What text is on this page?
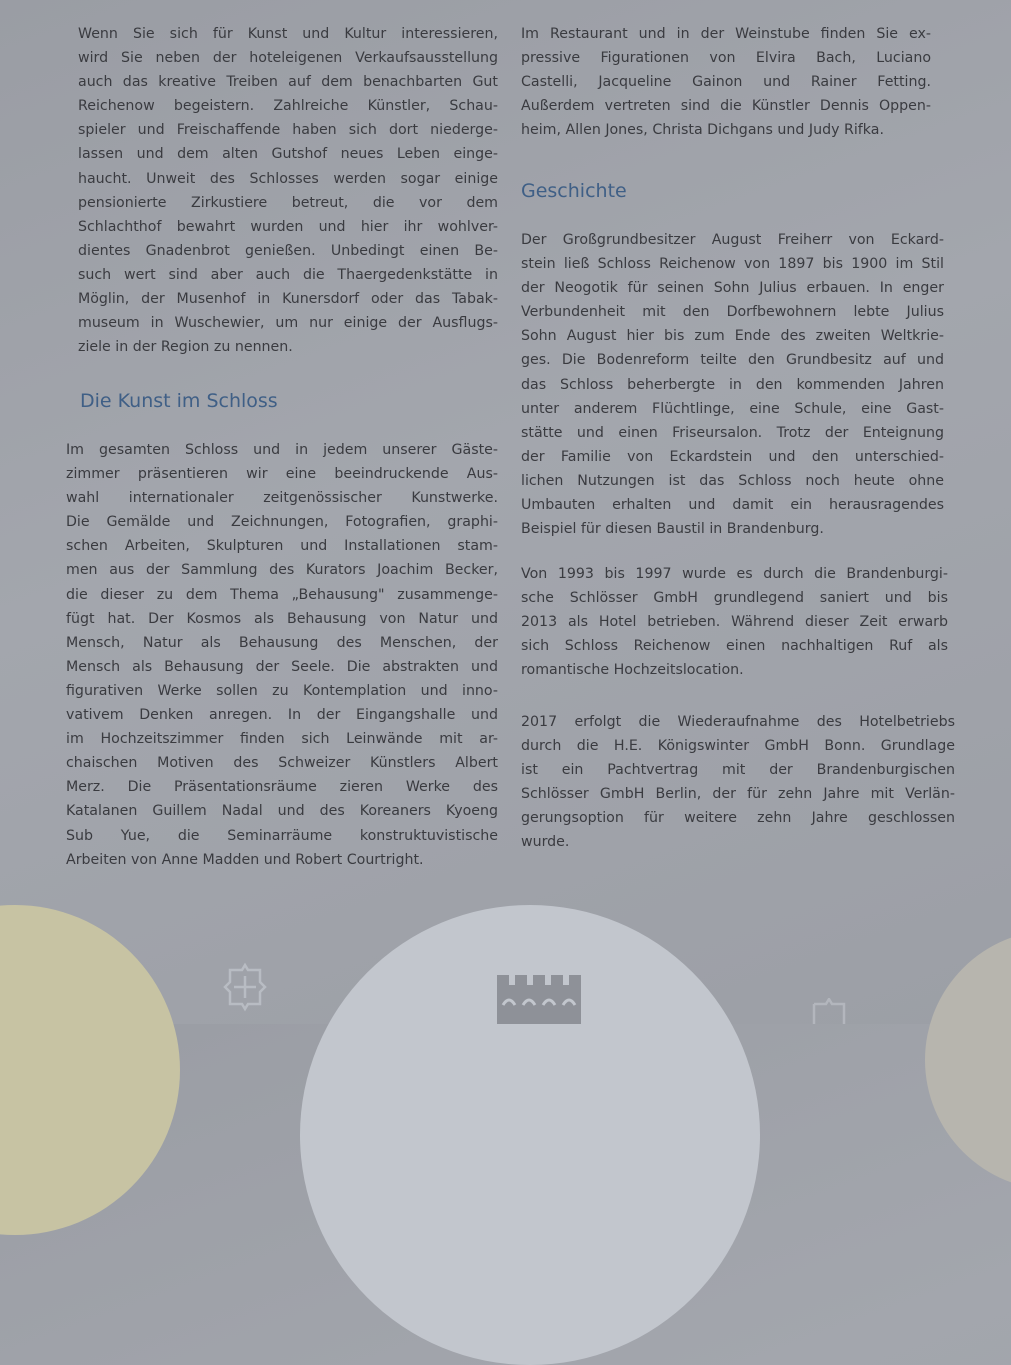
Wenn Sie sich für Kunst und Kultur interessieren,
wird Sie neben der hoteleigenen Verkaufsausstellung
auch das kreative Treiben auf dem benachbarten Gut
Reichenow begeistern. Zahlreiche Künstler, Schau-
spieler und Freischaffende haben sich dort niederge-
lassen und dem alten Gutshof neues Leben einge-
haucht. Unweit des Schlosses werden sogar einige
pensionierte Zirkustiere betreut, die vor dem
Schlachthof bewahrt wurden und hier ihr wohlver-
dientes Gnadenbrot genießen. Unbedingt einen Be-
such wert sind aber auch die Thaergedenkstätte in
Möglin, der Musenhof in Kunersdorf oder das Tabak-
museum in Wuschewier, um nur einige der Ausflugs-
ziele in der Region zu nennen.
Die Kunst im Schloss
Im gesamten Schloss und in jedem unserer Gäste-
zimmer präsentieren wir eine beeindruckende Aus-
wahl internationaler zeitgenössischer Kunstwerke.
Die Gemälde und Zeichnungen, Fotografien, graphi-
schen Arbeiten, Skulpturen und Installationen stam-
men aus der Sammlung des Kurators Joachim Becker,
die dieser zu dem Thema „Behausung" zusammenge-
fügt hat. Der Kosmos als Behausung von Natur und
Mensch, Natur als Behausung des Menschen, der
Mensch als Behausung der Seele. Die abstrakten und
figurativen Werke sollen zu Kontemplation und inno-
vativem Denken anregen. In der Eingangshalle und
im Hochzeitszimmer finden sich Leinwände mit ar-
chaischen Motiven des Schweizer Künstlers Albert
Merz. Die Präsentationsräume zieren Werke des
Katalanen Guillem Nadal und des Koreaners Kyoeng
Sub Yue, die Seminarräume konstruktuvistische
Arbeiten von Anne Madden und Robert Courtright.
Im Restaurant und in der Weinstube finden Sie ex-
pressive Figurationen von Elvira Bach, Luciano
Castelli, Jacqueline Gainon und Rainer Fetting.
Außerdem vertreten sind die Künstler Dennis Oppen-
heim, Allen Jones, Christa Dichgans und Judy Rifka.
Geschichte
Der Großgrundbesitzer August Freiherr von Eckard-
stein ließ Schloss Reichenow von 1897 bis 1900 im Stil
der Neogotik für seinen Sohn Julius erbauen. In enger
Verbundenheit mit den Dorfbewohnern lebte Julius
Sohn August hier bis zum Ende des zweiten Weltkrie-
ges. Die Bodenreform teilte den Grundbesitz auf und
das Schloss beherbergte in den kommenden Jahren
unter anderem Flüchtlinge, eine Schule, eine Gast-
stätte und einen Friseursalon. Trotz der Enteignung
der Familie von Eckardstein und den unterschied-
lichen Nutzungen ist das Schloss noch heute ohne
Umbauten erhalten und damit ein herausragendes
Beispiel für diesen Baustil in Brandenburg.
Von 1993 bis 1997 wurde es durch die Brandenburgi-
sche Schlösser GmbH grundlegend saniert und bis
2013 als Hotel betrieben. Während dieser Zeit erwarb
sich Schloss Reichenow einen nachhaltigen Ruf als
romantische Hochzeitslocation.
2017 erfolgt die Wiederaufnahme des Hotelbetriebs
durch die H.E. Königswinter GmbH Bonn. Grundlage
ist ein Pachtvertrag mit der Brandenburgischen
Schlösser GmbH Berlin, der für zehn Jahre mit Verlän-
gerungsoption für weitere zehn Jahre geschlossen
wurde.
